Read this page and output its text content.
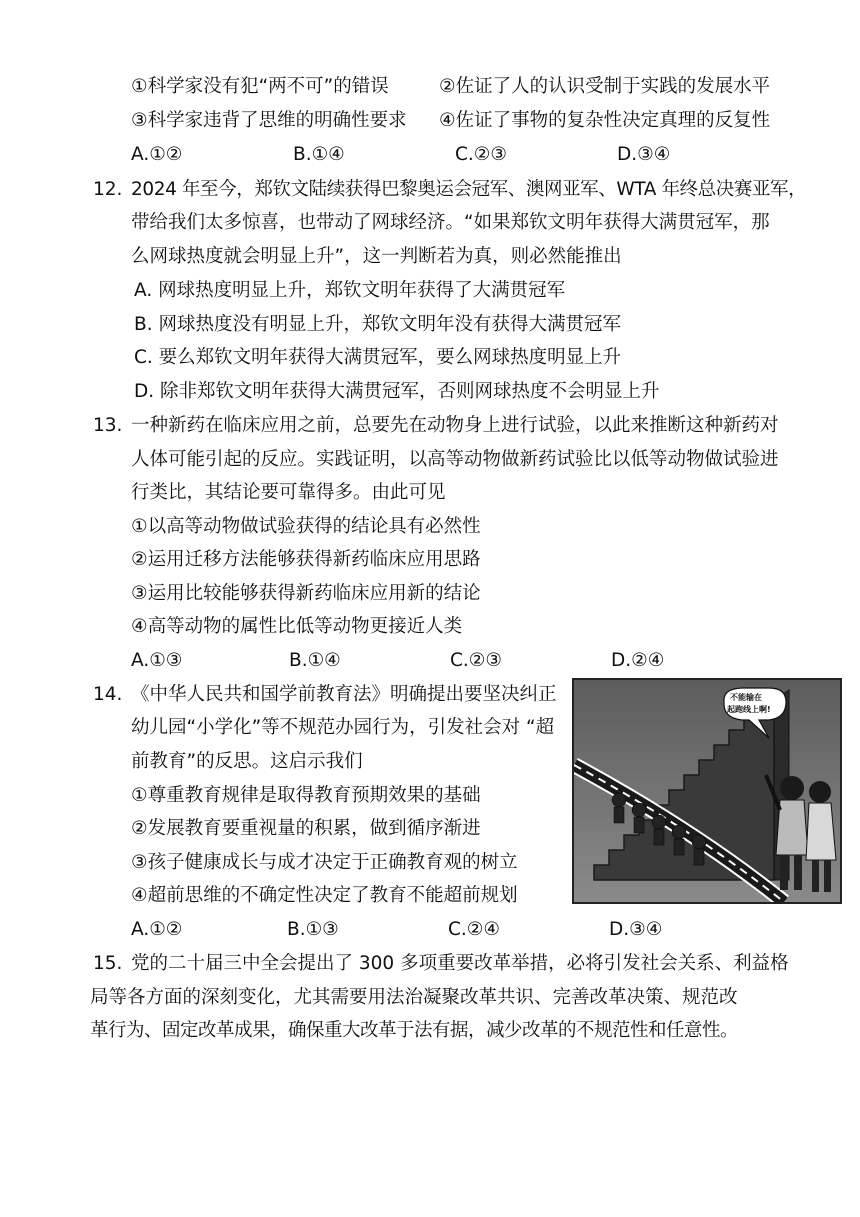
①科学家没有犯“两不可”的错误	②佐证了人的认识受制于实践的发展水平
③科学家违背了思维的明确性要求 ④佐证了事物的复杂性决定真理的反复性
A.①②	B.①④	C.②③	D.③④
12. 2024 年至今，郑钦文陆续获得巴黎奥运会冠军、澳网亚军、WTA 年终总决赛亚军，
带给我们太多惊喜，也带动了网球经济。“如果郑钦文明年获得大满贯冠军，那
么网球热度就会明显上升”，这一判断若为真，则必然能推出
A. 网球热度明显上升，郑钦文明年获得了大满贯冠军
B. 网球热度没有明显上升，郑钦文明年没有获得大满贯冠军
C. 要么郑钦文明年获得大满贯冠军，要么网球热度明显上升
D. 除非郑钦文明年获得大满贯冠军，否则网球热度不会明显上升
13. 一种新药在临床应用之前，总要先在动物身上进行试验，以此来推断这种新药对
人体可能引起的反应。实践证明，以高等动物做新药试验比以低等动物做试验进
行类比，其结论要可靠得多。由此可见
①以高等动物做试验获得的结论具有必然性
②运用迁移方法能够获得新药临床应用思路
③运用比较能够获得新药临床应用新的结论
④高等动物的属性比低等动物更接近人类
A.①③	B.①④	C.②③	D.②④
14. 《中华人民共和国学前教育法》明确提出要坚决纠正
幼儿园“小学化”等不规范办园行为，引发社会对 “超
前教育”的反思。这启示我们
①尊重教育规律是取得教育预期效果的基础
②发展教育要重视量的积累，做到循序渐进
③孩子健康成长与成才决定于正确教育观的树立
④超前思维的不确定性决定了教育不能超前规划
A.①②	B.①③	C.②④	D.③④
不能输在
起跑线上啊!
15. 党的二十届三中全会提出了 300 多项重要改革举措，必将引发社会关系、利益格
局等各方面的深刻变化，尤其需要用法治凝聚改革共识、完善改革决策、规范改
革行为、固定改革成果，确保重大改革于法有据，减少改革的不规范性和任意性。
